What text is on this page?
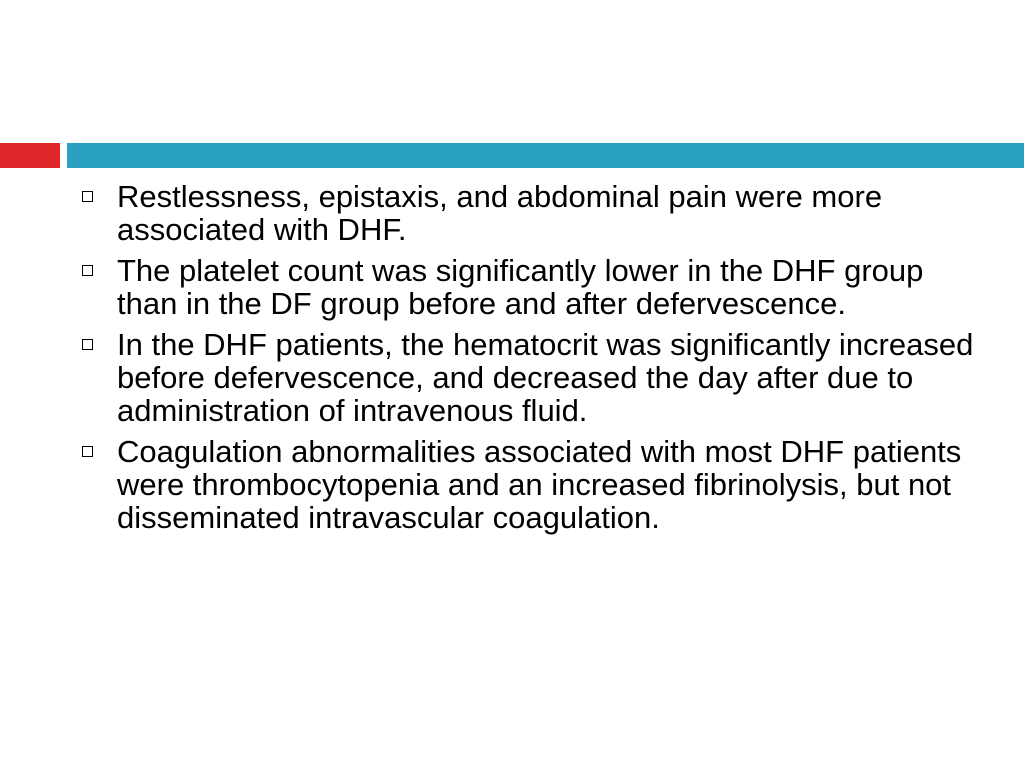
Restlessness, epistaxis, and abdominal pain were more associated with DHF.
The platelet count was significantly lower in the DHF group than in the DF group before and after defervescence.
In the DHF patients, the hematocrit was significantly increased before defervescence, and decreased the day after due to administration of intravenous fluid.
Coagulation abnormalities associated with most DHF patients were thrombocytopenia and an increased fibrinolysis, but not disseminated intravascular coagulation.
